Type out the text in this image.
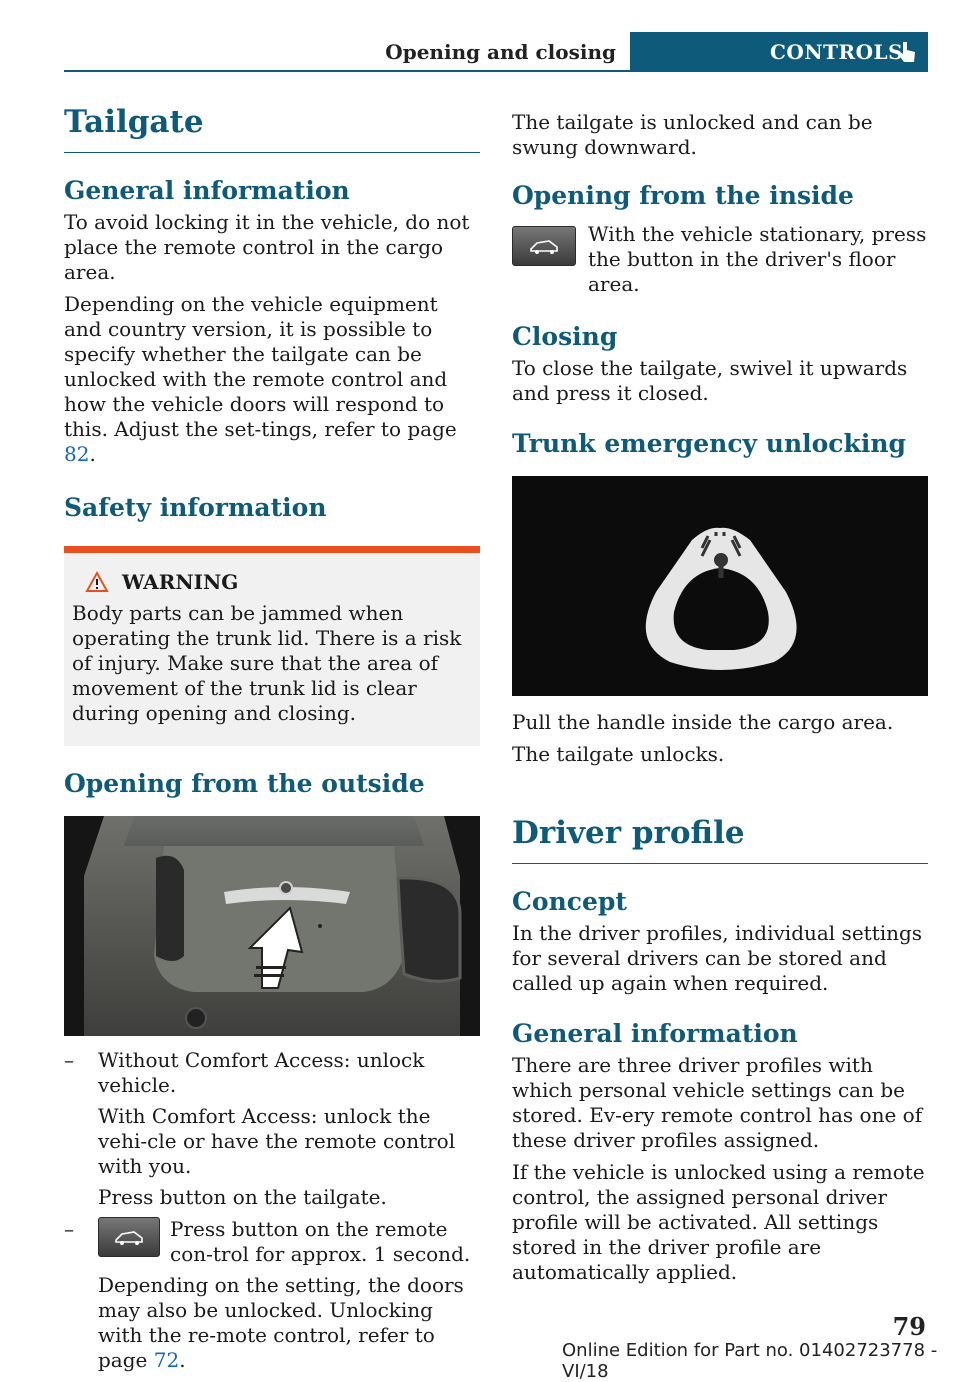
Opening and closing	CONTROLS
Tailgate
General information

To avoid locking it in the vehicle, do not place the remote control in the cargo area.

Depending on the vehicle equipment and country version, it is possible to specify whether the tailgate can be unlocked with the remote control and how the vehicle doors will respond to this. Adjust the set‐tings, refer to page 82.

Safety information
WARNING

Body parts can be jammed when operating the trunk lid. There is a risk of injury. Make sure that the area of movement of the trunk lid is clear during opening and closing.

Opening from the outside
–	Without Comfort Access: unlock vehicle.

With Comfort Access: unlock the vehi‐cle or have the remote control with you.

Press button on the tailgate.

–	Press button on the remote con‐trol for approx. 1 second.

Depending on the setting, the doors may also be unlocked. Unlocking with the re‐mote control, refer to page 72.

The tailgate is unlocked and can be swung downward.

Opening from the inside

With the vehicle stationary, press the button in the driver's floor area.

Closing

To close the tailgate, swivel it upwards and press it closed.

Trunk emergency unlocking

Pull the handle inside the cargo area.

The tailgate unlocks.

Driver profile
Concept

In the driver profiles, individual settings for several drivers can be stored and called up again when required.

General information

There are three driver profiles with which personal vehicle settings can be stored. Ev‐ery remote control has one of these driver profiles assigned.

If the vehicle is unlocked using a remote control, the assigned personal driver profile will be activated. All settings stored in the driver profile are automatically applied.

79
Online Edition for Part no. 01402723778 - VI/18
